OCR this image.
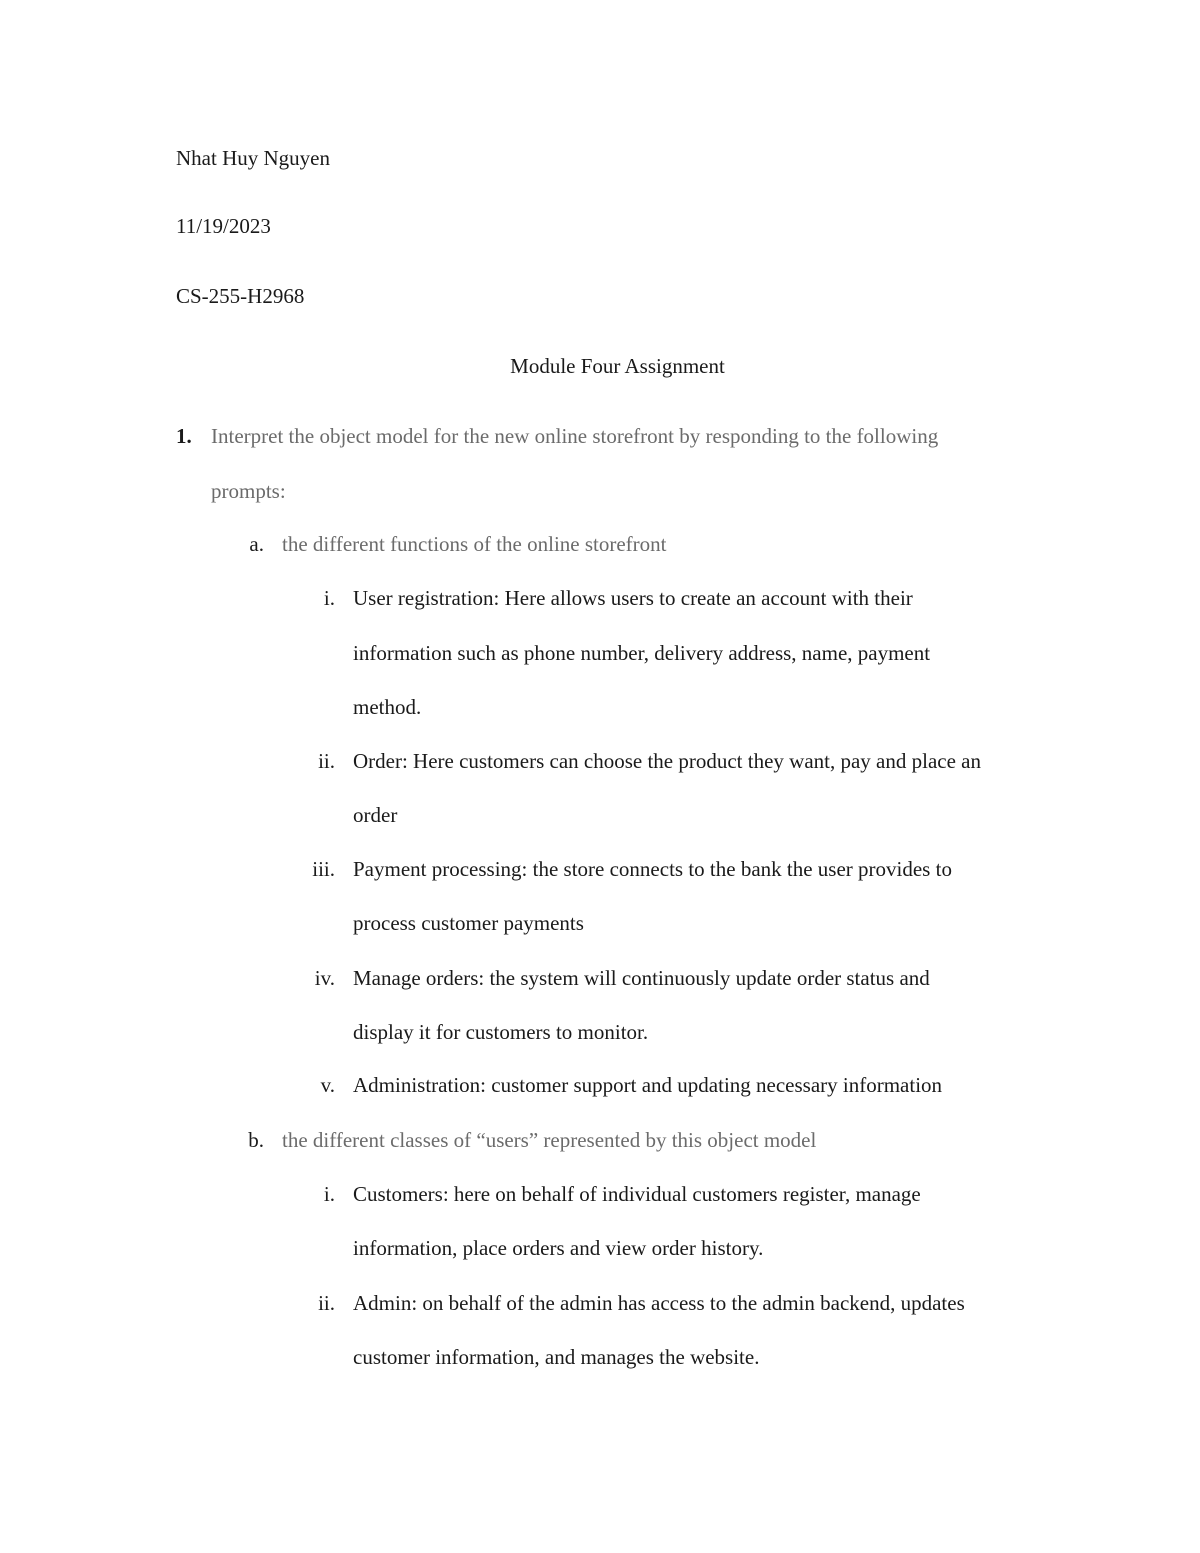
Nhat Huy Nguyen
11/19/2023
CS-255-H2968
Module Four Assignment
1. Interpret the object model for the new online storefront by responding to the following
prompts:
a. the different functions of the online storefront
i. User registration: Here allows users to create an account with their
information such as phone number, delivery address, name, payment
method.
ii. Order: Here customers can choose the product they want, pay and place an
order
iii. Payment processing: the store connects to the bank the user provides to
process customer payments
iv. Manage orders: the system will continuously update order status and
display it for customers to monitor.
v. Administration: customer support and updating necessary information
b. the different classes of “users” represented by this object model
i. Customers: here on behalf of individual customers register, manage
information, place orders and view order history.
ii. Admin: on behalf of the admin has access to the admin backend, updates
customer information, and manages the website.
